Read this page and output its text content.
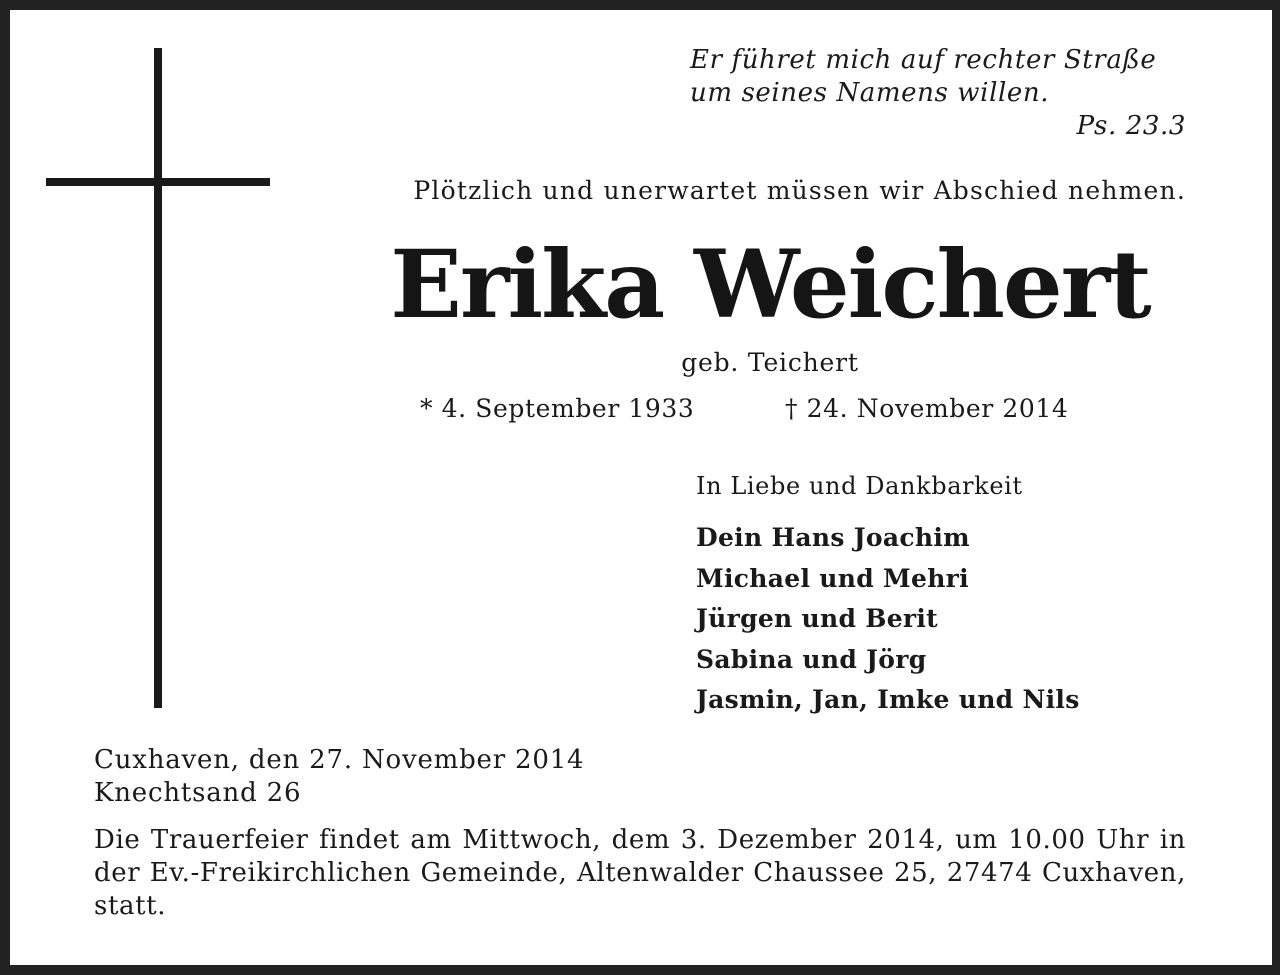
Er führet mich auf rechter Straße
um seines Namens willen.
Ps. 23.3
Plötzlich und unerwartet müssen wir Abschied nehmen.
Erika Weichert
geb. Teichert
* 4. September 1933	† 24. November 2014
In Liebe und Dankbarkeit
Dein Hans Joachim
Michael und Mehri
Jürgen und Berit
Sabina und Jörg
Jasmin, Jan, Imke und Nils
Cuxhaven, den 27. November 2014
Knechtsand 26
Die Trauerfeier findet am Mittwoch, dem 3. Dezember 2014, um 10.00 Uhr in der Ev.-Freikirchlichen Gemeinde, Altenwalder Chaussee 25, 27474 Cuxhaven, statt.
